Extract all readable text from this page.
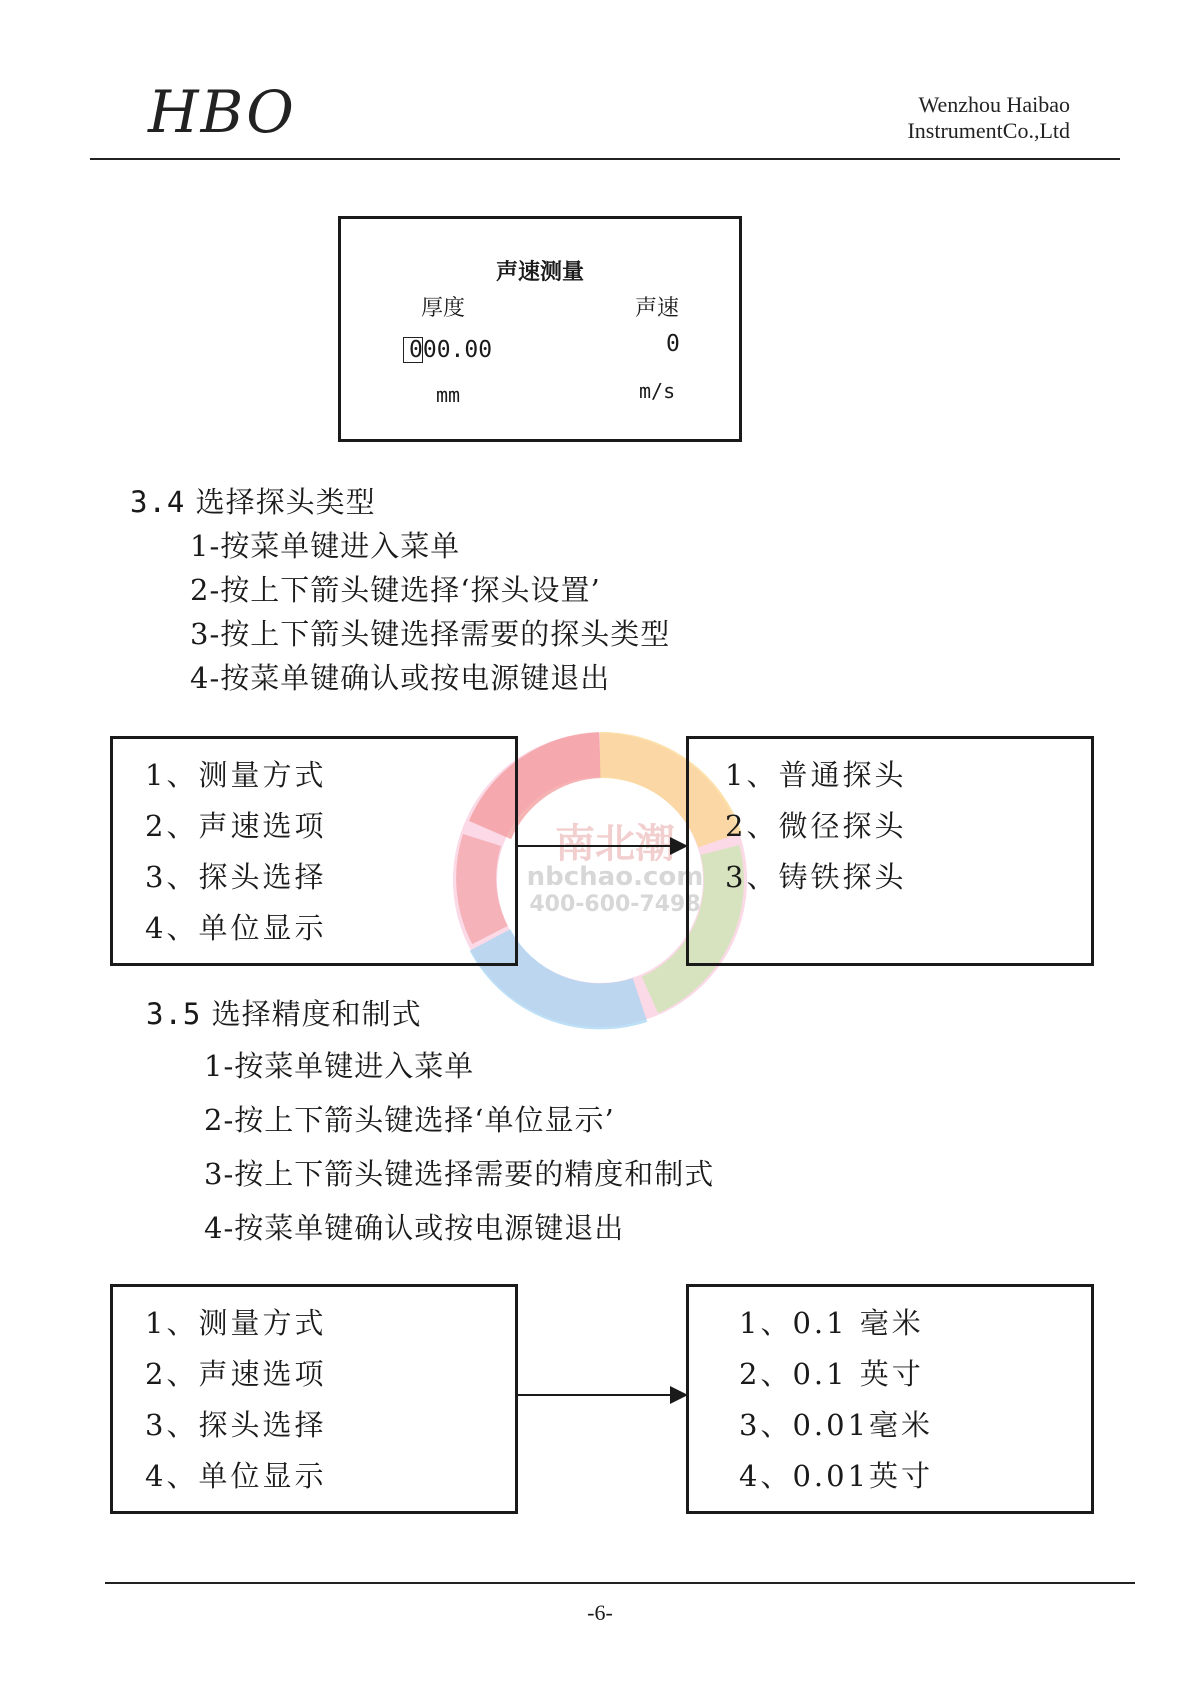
HBO	Wenzhou Haibao
InstrumentCo.,Ltd
声速测量
厚度	声速
000.00	0
mm	m/s
3.4 选择探头类型
1-按菜单键进入菜单
2-按上下箭头键选择‘探头设置’
3-按上下箭头键选择需要的探头类型
4-按菜单键确认或按电源键退出
南北潮
nbchao.com
400-600-7498
1、测量方式
2、声速选项
3、探头选择
4、单位显示
1、普通探头
2、微径探头
3、铸铁探头
3.5 选择精度和制式
1-按菜单键进入菜单
2-按上下箭头键选择‘单位显示’
3-按上下箭头键选择需要的精度和制式
4-按菜单键确认或按电源键退出
1、测量方式
2、声速选项
3、探头选择
4、单位显示
1、0.1 毫米
2、0.1 英寸
3、0.01毫米
4、0.01英寸
-6-
